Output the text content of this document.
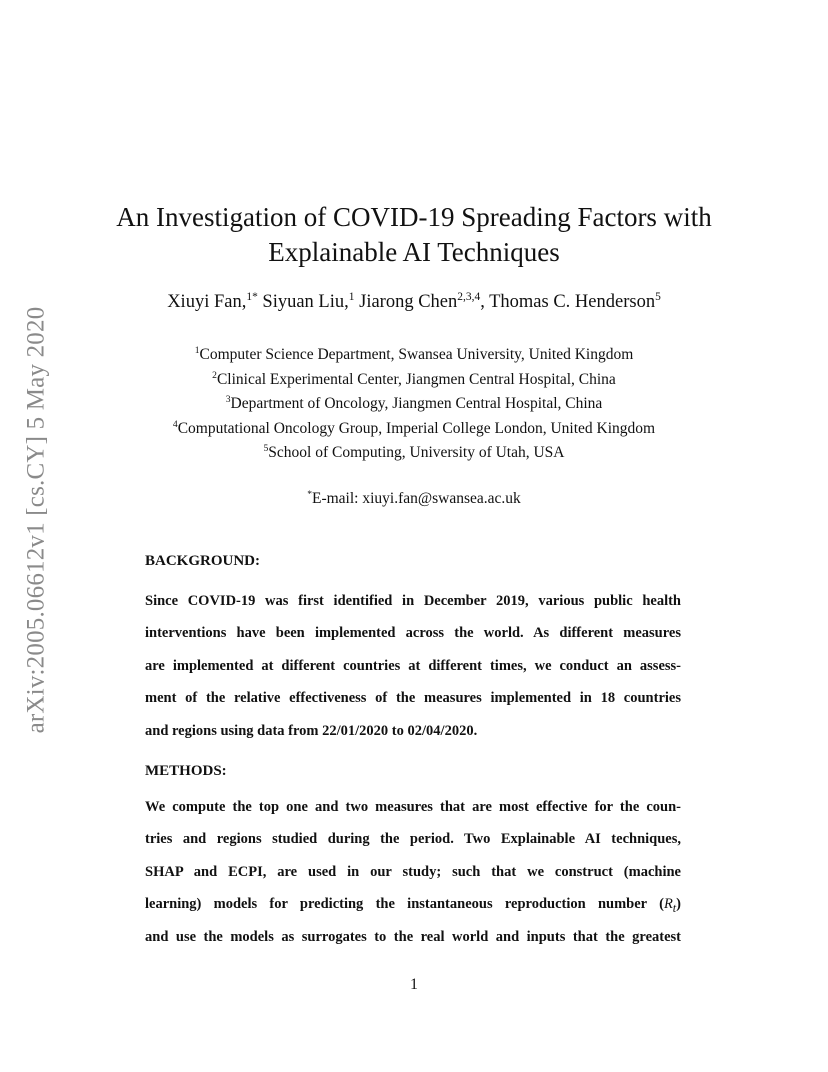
arXiv:2005.06612v1 [cs.CY] 5 May 2020
An Investigation of COVID-19 Spreading Factors with
Explainable AI Techniques
Xiuyi Fan,$^{1*}$ Siyuan Liu,$^1$ Jiarong Chen$^{2,3,4}$, Thomas C. Henderson$^5$
$^1$Computer Science Department, Swansea University, United Kingdom
$^2$Clinical Experimental Center, Jiangmen Central Hospital, China
$^3$Department of Oncology, Jiangmen Central Hospital, China
$^4$Computational Oncology Group, Imperial College London, United Kingdom
$^5$School of Computing, University of Utah, USA
*E-mail: xiuyi.fan@swansea.ac.uk
BACKGROUND:
Since COVID-19 was first identified in December 2019, various public health
interventions have been implemented across the world. As different measures
are implemented at different countries at different times, we conduct an assess-
ment of the relative effectiveness of the measures implemented in 18 countries
and regions using data from 22/01/2020 to 02/04/2020.
METHODS:
We compute the top one and two measures that are most effective for the coun-
tries and regions studied during the period. Two Explainable AI techniques,
SHAP and ECPI, are used in our study; such that we construct (machine
learning) models for predicting the instantaneous reproduction number $(R_t)$
and use the models as surrogates to the real world and inputs that the greatest
1
